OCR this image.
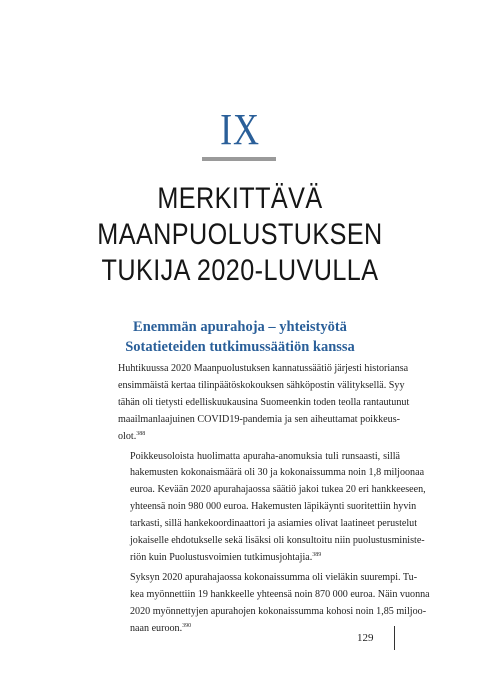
IX
MERKITTÄVÄ
MAANPUOLUSTUKSEN
TUKIJA 2020-LUVULLA
Enemmän apurahoja – yhteistyötä
Sotatieteiden tutkimussäätiön kanssa

Huhtikuussa 2020 Maanpuolustuksen kannatussäätiö järjesti historiansa
ensimmäistä kertaa tilinpäätöskokouksen sähköpostin välityksellä. Syy
tähän oli tietysti edelliskuukausina Suomeenkin toden teolla rantautunut
maailmanlaajuinen COVID19-pandemia ja sen aiheuttamat poikkeus-
olot.$^{388}$

Poikkeusoloista huolimatta apuraha-anomuksia tuli runsaasti, sillä
hakemusten kokonaismäärä oli 30 ja kokonaissumma noin 1,8 miljoonaa
euroa. Kevään 2020 apurahajaossa säätiö jakoi tukea 20 eri hankkeeseen,
yhteensä noin 980 000 euroa. Hakemusten läpikäynti suoritettiin hyvin
tarkasti, sillä hankekoordinaattori ja asiamies olivat laatineet perustelut
jokaiselle ehdotukselle sekä lisäksi oli konsultoitu niin puolustusministe-
riön kuin Puolustusvoimien tutkimusjohtajia.$^{389}$

Syksyn 2020 apurahajaossa kokonaissumma oli vieläkin suurempi. Tu-
kea myönnettiin 19 hankkeelle yhteensä noin 870 000 euroa. Näin vuonna
2020 myönnettyjen apurahojen kokonaissumma kohosi noin 1,85 miljoo-
naan euroon.$^{390}$

129
